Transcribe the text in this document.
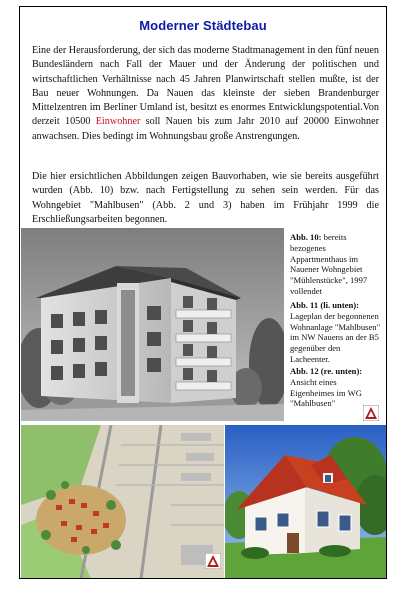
Moderner Städtebau
Eine der Herausforderung, der sich das moderne Stadtmanagement in den fünf neuen Bundesländern nach Fall der Mauer und der Änderung der politischen und wirtschaftlichen Verhältnisse nach 45 Jahren Planwirtschaft stellen mußte, ist der Bau neuer Wohnungen. Da Nauen das kleinste der sieben Brandenburger Mittelzentren im Berliner Umland ist, besitzt es enormes Entwicklungspotential.Von derzeit 10500 Einwohner soll Nauen bis zum Jahr 2010 auf 20000 Einwohner anwachsen. Dies bedingt im Wohnungsbau große Anstrengungen.
Die hier ersichtlichen Abbildungen zeigen Bauvorhaben, wie sie bereits ausgeführt wurden (Abb. 10) bzw. nach Fertigstellung zu sehen sein werden. Für das Wohngebiet "Mahlbusen" (Abb. 2 und 3) haben im Frühjahr 1999 die Erschließungsarbeiten begonnen.
Abb. 10: bereits bezogenes Appartmenthaus im Nauener Wohngebiet "Mühlenstücke", 1997 vollendet
Abb. 11 (li. unten): Lageplan der begonnenen Wohnanlage "Mahlbusen" im NW Nauens an der B5 gegenüber den Lacheenter.
Abb. 12 (re. unten): Ansicht eines Eigenheimes im WG "Mahlbusen"
